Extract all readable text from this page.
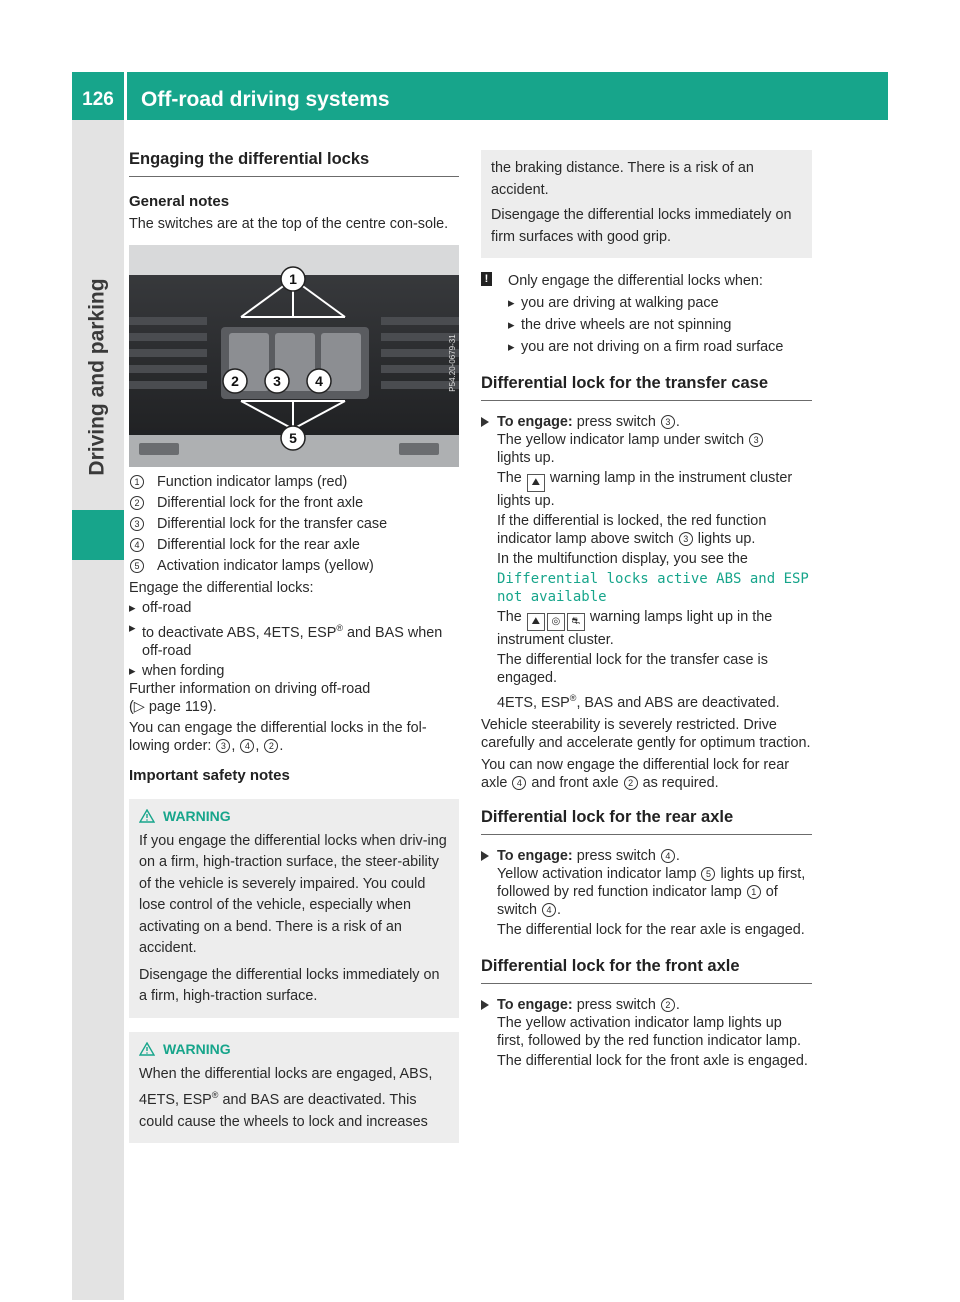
126	Off-road driving systems
Driving and parking
Engaging the differential locks
General notes

The switches are at the top of the centre con-sole.

1
2 3 4
5
P54.20-0679-31
1	Function indicator lamps (red)
2	Differential lock for the front axle
3	Differential lock for the transfer case
4	Differential lock for the rear axle
5	Activation indicator lamps (yellow)

Engage the differential locks:

▸ off-road
▸ to deactivate ABS, 4ETS, ESP® and BAS when off-road
▸ when fording

Further information on driving off-road

(▷ page 119).

You can engage the differential locks in the fol-lowing order: 3 , 4 , 2 .

Important safety notes
WARNING

If you engage the differential locks when driv-ing on a firm, high-traction surface, the steer-ability of the vehicle is severely impaired. You could lose control of the vehicle, especially when activating on a bend. There is a risk of an accident.

Disengage the differential locks immediately on a firm, high-traction surface.

WARNING

When the differential locks are engaged, ABS, 4ETS, ESP® and BAS are deactivated. This could cause the wheels to lock and increases

the braking distance. There is a risk of an accident.

Disengage the differential locks immediately on firm surfaces with good grip.

! Only engage the differential locks when:

▸ you are driving at walking pace
▸ the drive wheels are not spinning
▸ you are not driving on a firm road surface
Differential lock for the transfer case

To engage: press switch 3 .

The yellow indicator lamp under switch 3
lights up.

The ⛰ warning lamp in the instrument cluster lights up.

If the differential is locked, the red function indicator lamp above switch 3 lights up.

In the multifunction display, you see the

Differential locks active ABS and ESP not available

The ⛰ ◎ ⛐ warning lamps light up in the instrument cluster.

The differential lock for the transfer case is engaged.

4ETS, ESP®, BAS and ABS are deactivated.

Vehicle steerability is severely restricted. Drive carefully and accelerate gently for optimum traction.

You can now engage the differential lock for rear axle 4 and front axle 2 as required.

Differential lock for the rear axle

To engage: press switch 4 .

Yellow activation indicator lamp 5 lights up first, followed by red function indicator lamp 1 of switch 4 .

The differential lock for the rear axle is engaged.

Differential lock for the front axle

To engage: press switch 2 .

The yellow activation indicator lamp lights up first, followed by the red function indicator lamp.

The differential lock for the front axle is engaged.
